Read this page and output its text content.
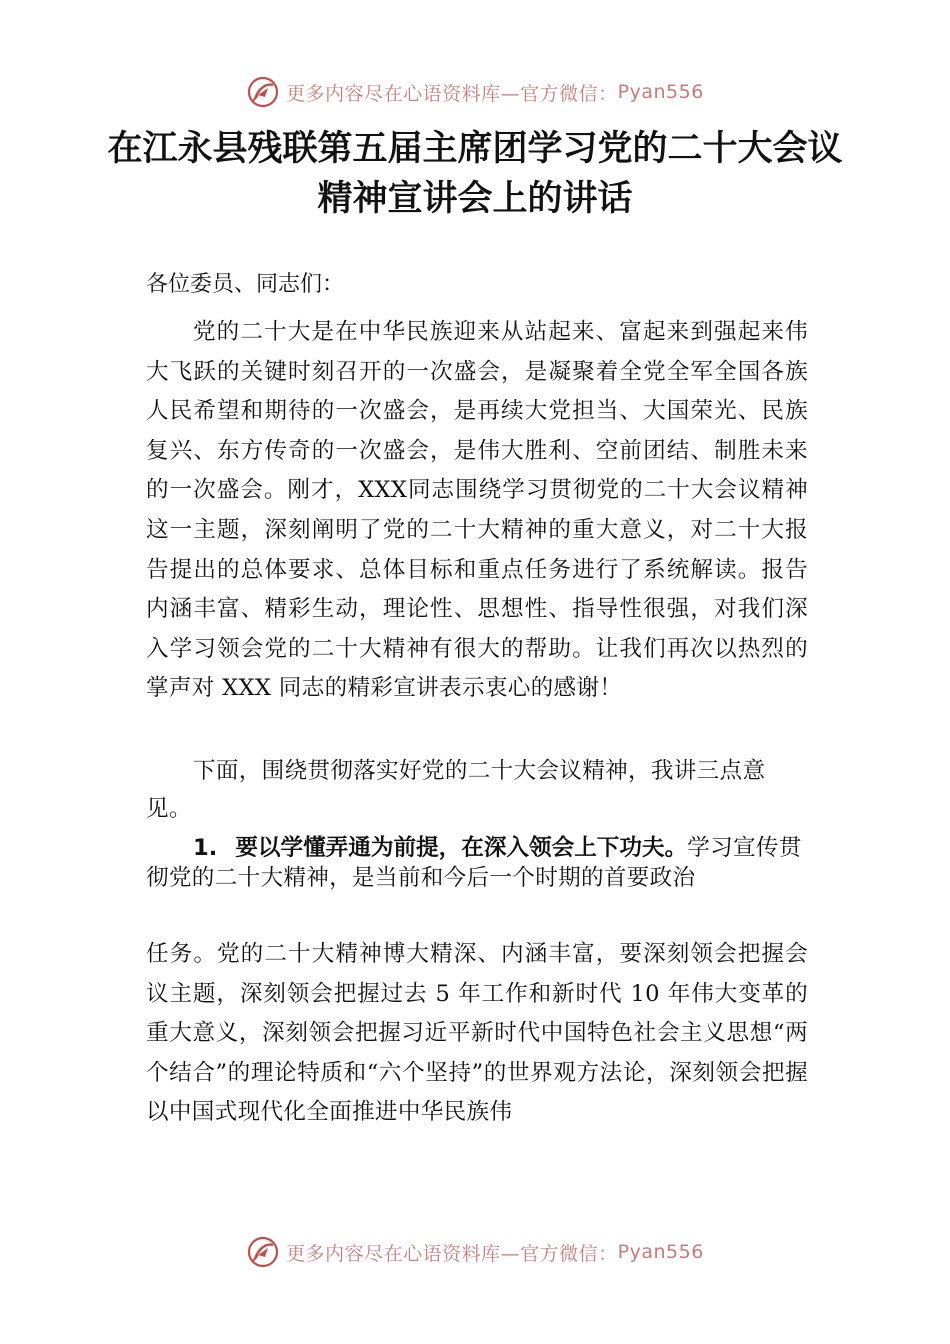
更多内容尽在心语资料库—官方微信： Pyan556
在江永县残联第五届主席团学习党的二十大会议精神宣讲会上的讲话
各位委员、同志们：
党的二十大是在中华民族迎来从站起来、富起来到强起来伟大飞跃的关键时刻召开的一次盛会，是凝聚着全党全军全国各族人民希望和期待的一次盛会，是再续大党担当、大国荣光、民族复兴、东方传奇的一次盛会，是伟大胜利、空前团结、制胜未来的一次盛会。刚才，XXX同志围绕学习贯彻党的二十大会议精神这一主题，深刻阐明了党的二十大精神的重大意义，对二十大报告提出的总体要求、总体目标和重点任务进行了系统解读。报告内涵丰富、精彩生动，理论性、思想性、指导性很强，对我们深入学习领会党的二十大精神有很大的帮助。让我们再次以热烈的掌声对 XXX 同志的精彩宣讲表示衷心的感谢！
下面，围绕贯彻落实好党的二十大会议精神，我讲三点意见。
1. 要以学懂弄通为前提，在深入领会上下功夫。学习宣传贯彻党的二十大精神，是当前和今后一个时期的首要政治
任务。党的二十大精神博大精深、内涵丰富，要深刻领会把握会议主题，深刻领会把握过去 5 年工作和新时代 10 年伟大变革的重大意义，深刻领会把握习近平新时代中国特色社会主义思想“两个结合”的理论特质和“六个坚持”的世界观方法论，深刻领会把握以中国式现代化全面推进中华民族伟
更多内容尽在心语资料库—官方微信： Pyan556
